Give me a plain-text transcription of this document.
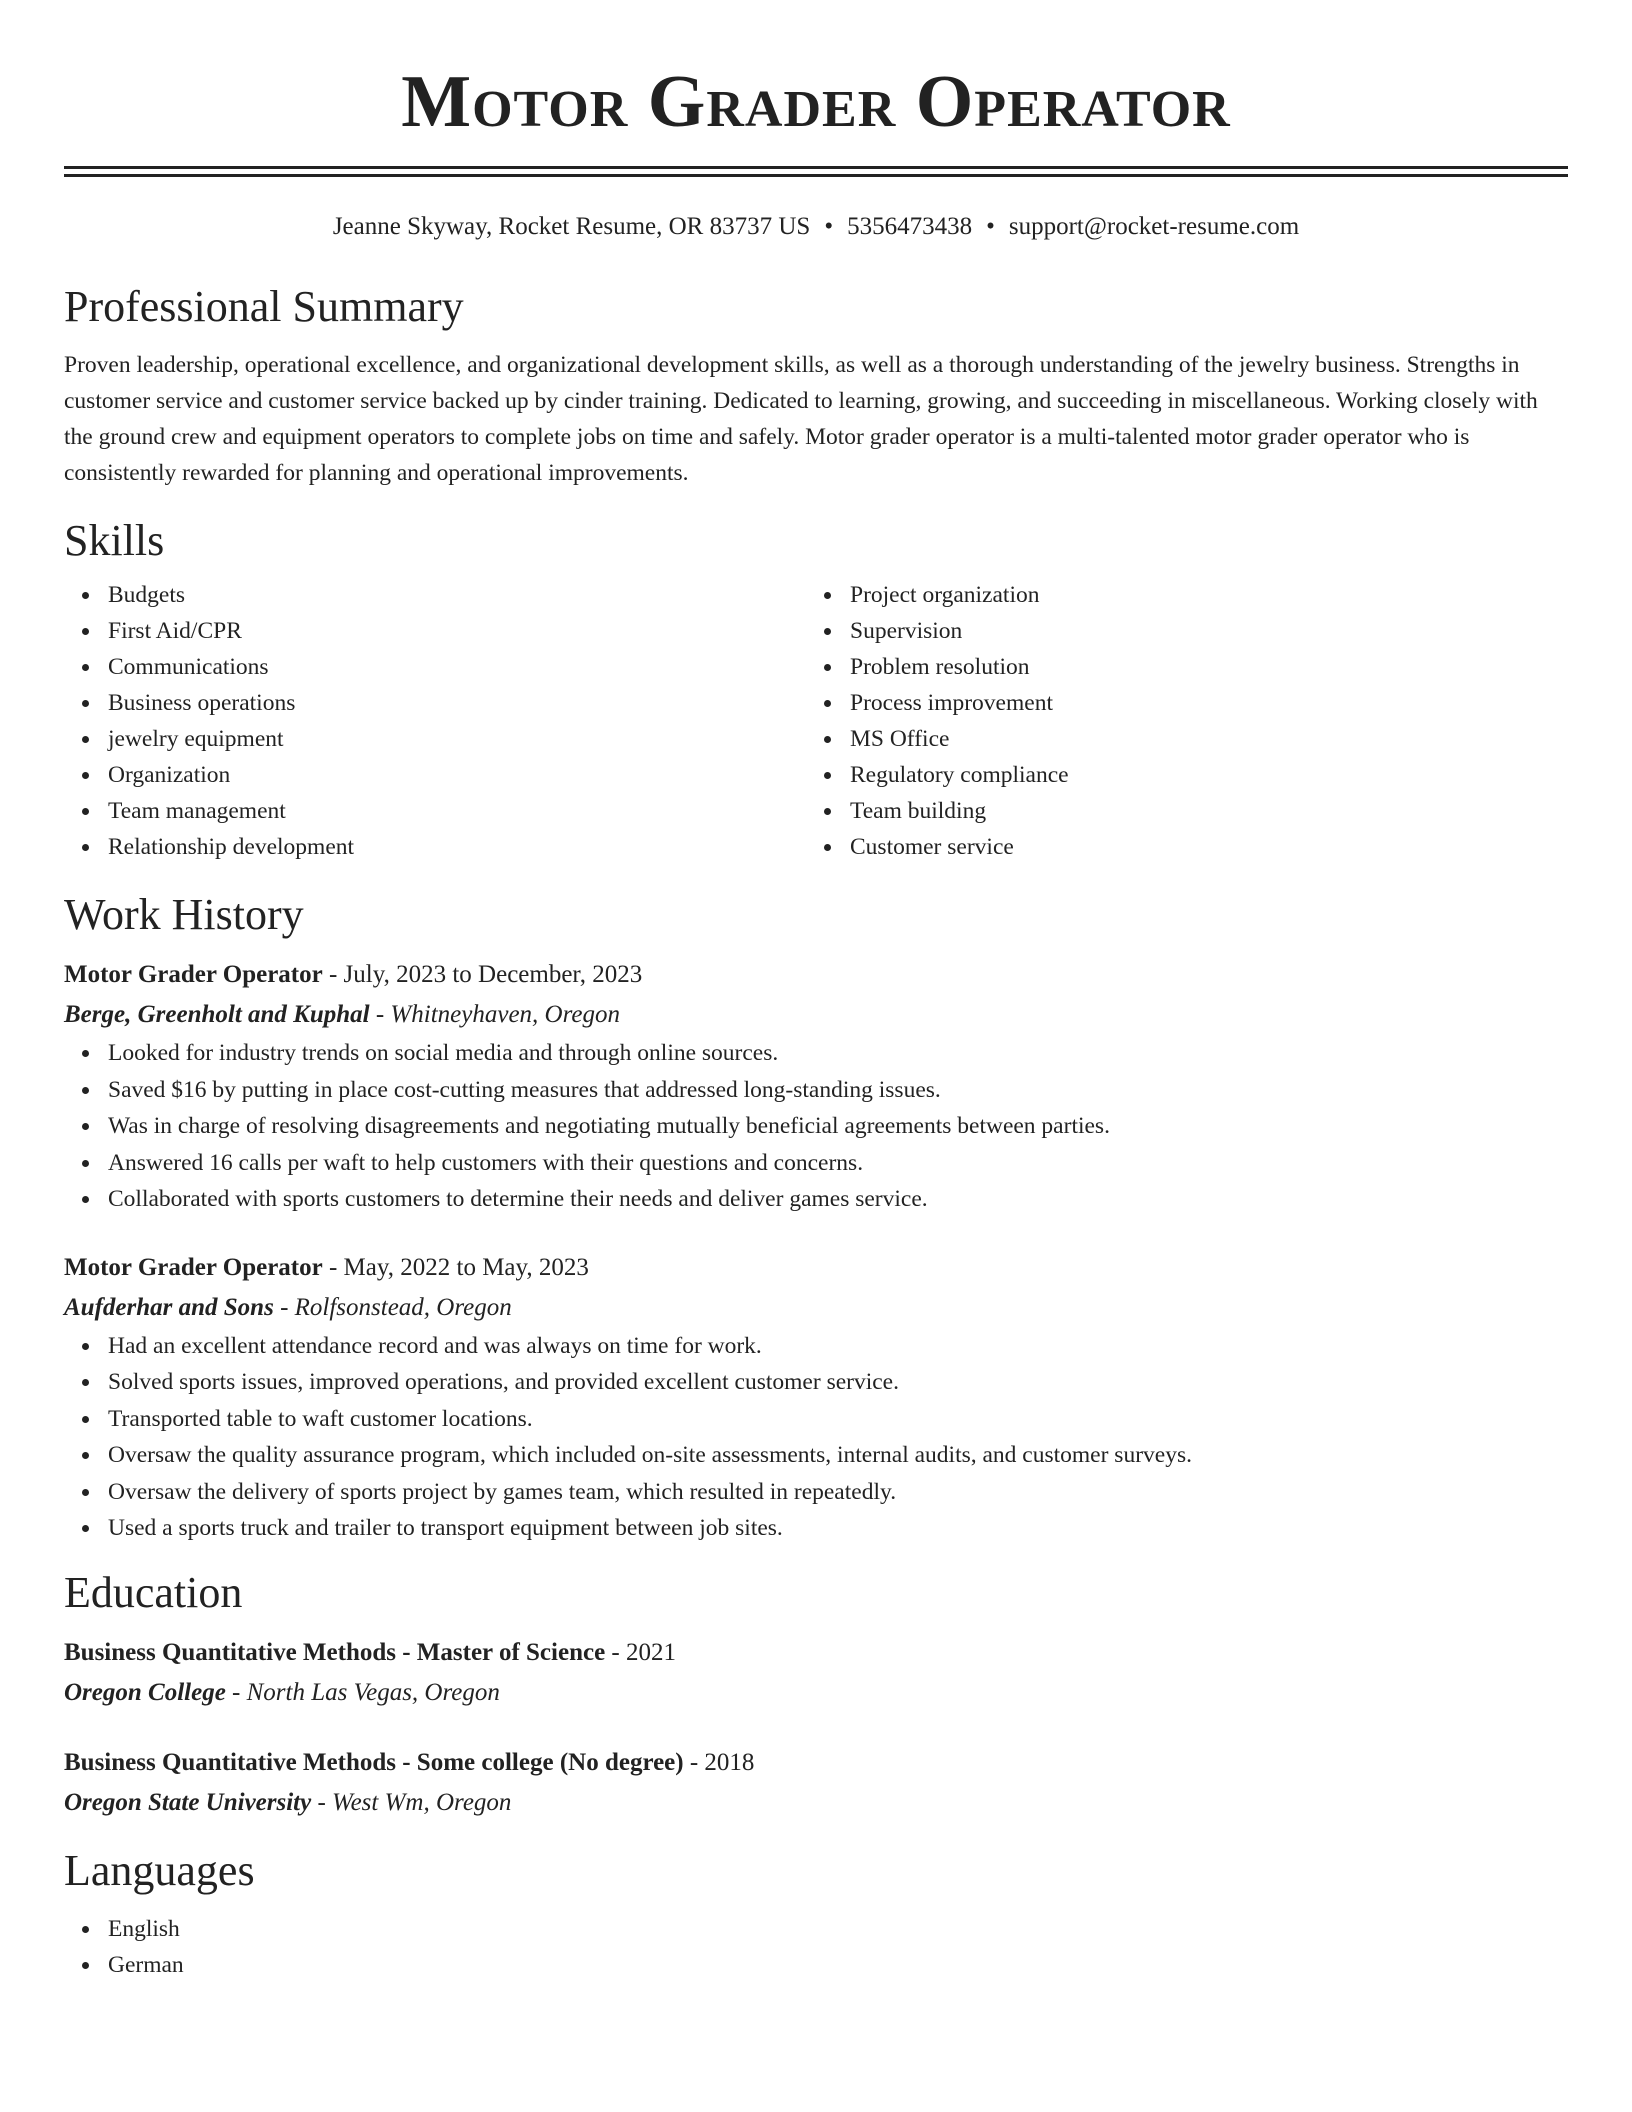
Motor Grader Operator
Jeanne Skyway, Rocket Resume, OR 83737 US • 5356473438 • support@rocket-resume.com
Professional Summary

Proven leadership, operational excellence, and organizational development skills, as well as a thorough understanding of the jewelry business. Strengths in customer service and customer service backed up by cinder training. Dedicated to learning, growing, and succeeding in miscellaneous. Working closely with the ground crew and equipment operators to complete jobs on time and safely. Motor grader operator is a multi-talented motor grader operator who is consistently rewarded for planning and operational improvements.

Skills
Budgets
First Aid/CPR
Communications
Business operations
jewelry equipment
Organization
Team management
Relationship development
Project organization
Supervision
Problem resolution
Process improvement
MS Office
Regulatory compliance
Team building
Customer service
Work History
Motor Grader Operator - July, 2023 to December, 2023
Berge, Greenholt and Kuphal - Whitneyhaven, Oregon
Looked for industry trends on social media and through online sources.
Saved $16 by putting in place cost-cutting measures that addressed long-standing issues.
Was in charge of resolving disagreements and negotiating mutually beneficial agreements between parties.
Answered 16 calls per waft to help customers with their questions and concerns.
Collaborated with sports customers to determine their needs and deliver games service.
Motor Grader Operator - May, 2022 to May, 2023
Aufderhar and Sons - Rolfsonstead, Oregon
Had an excellent attendance record and was always on time for work.
Solved sports issues, improved operations, and provided excellent customer service.
Transported table to waft customer locations.
Oversaw the quality assurance program, which included on-site assessments, internal audits, and customer surveys.
Oversaw the delivery of sports project by games team, which resulted in repeatedly.
Used a sports truck and trailer to transport equipment between job sites.
Education
Business Quantitative Methods - Master of Science - 2021
Oregon College - North Las Vegas, Oregon
Business Quantitative Methods - Some college (No degree) - 2018
Oregon State University - West Wm, Oregon
Languages
English
German
